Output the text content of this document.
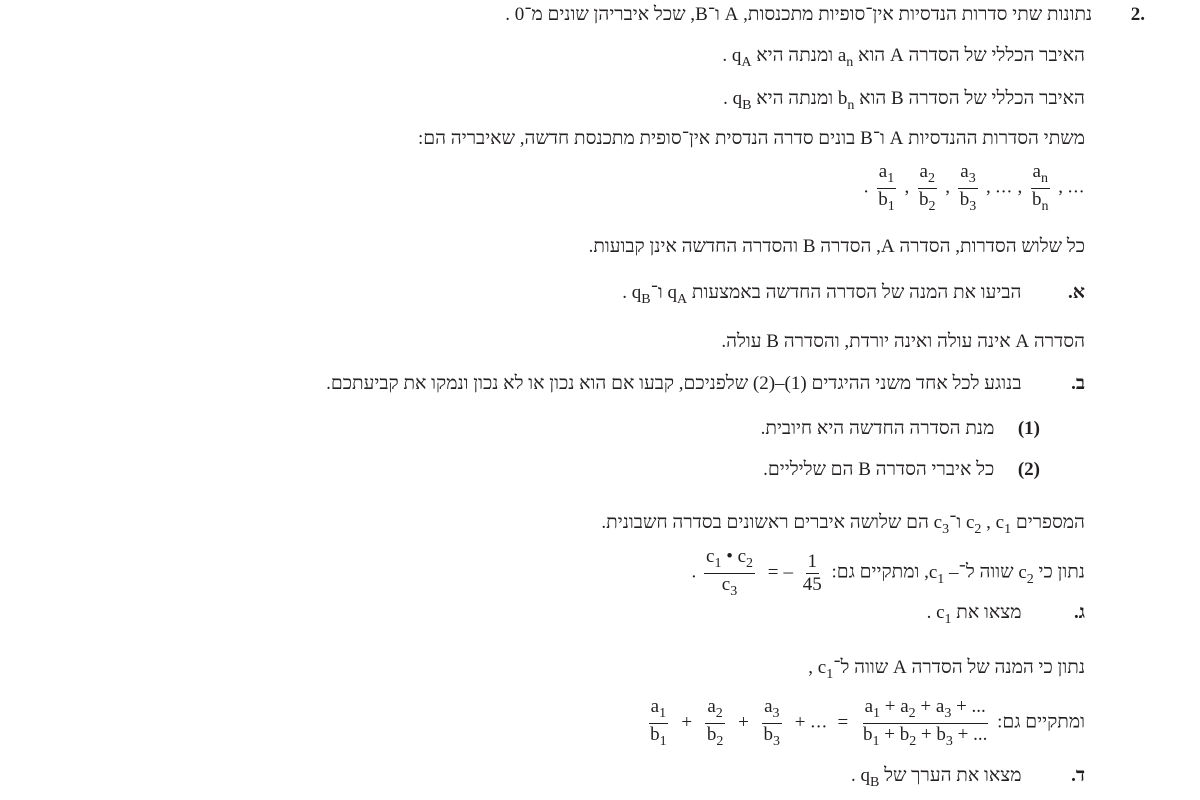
.2 נתונות שתי סדרות הנדסיות אין־סופיות מתכנסות, A ו־B, שכל איבריהן שונים מ־0 .
האיבר הכללי של הסדרה A הוא $a_n$ ומנתה היא $q_A$ .
האיבר הכללי של הסדרה B הוא $b_n$ ומנתה היא $q_B$ .
משתי הסדרות ההנדסיות A ו־B בונים סדרה הנדסית אין־סופית מתכנסת חדשה, שאיבריה הם:
. $\frac{a_1}{b_1}$ , $\frac{a_2}{b_2}$ , $\frac{a_3}{b_3}$ , ... , $\frac{a_n}{b_n}$ , ...
כל שלוש הסדרות, הסדרה A, הסדרה B והסדרה החדשה אינן קבועות.
א.  הביעו את המנה של הסדרה החדשה באמצעות $q_A$ $ו־q_B$ .
הסדרה A אינה עולה ואינה יורדת, והסדרה B עולה.
ב.  בנוגע לכל אחד משני ההיגדים (1)–(2) שלפניכם, קבעו אם הוא נכון או לא נכון ונמקו את קביעתכם.
(1)  מנת הסדרה החדשה היא חיובית.
(2)  כל איברי הסדרה B הם שליליים.
המספרים $c_1$ , $c_2$ $ו־c_3$ הם שלושה איברים ראשונים בסדרה חשבונית.
נתון כי $c_2$ שווה ל־– $c_1$, ומתקיים גם: . $\frac{c_1 • c_2}{c_3}$ = – $\frac{1}{45}$
ג.  מצאו את $c_1$ .
נתון כי המנה של הסדרה A שווה $ל־c_1$ ,
ומתקיים גם:
$\frac{a_1}{b_1} + \frac{a_2}{b_2} + \frac{a_3}{b_3}$ + ... = $\frac{a_1 + a_2 + a_3 + ...}{b_1 + b_2 + b_3 + ...}$
ד.  מצאו את הערך של $q_B$ .
